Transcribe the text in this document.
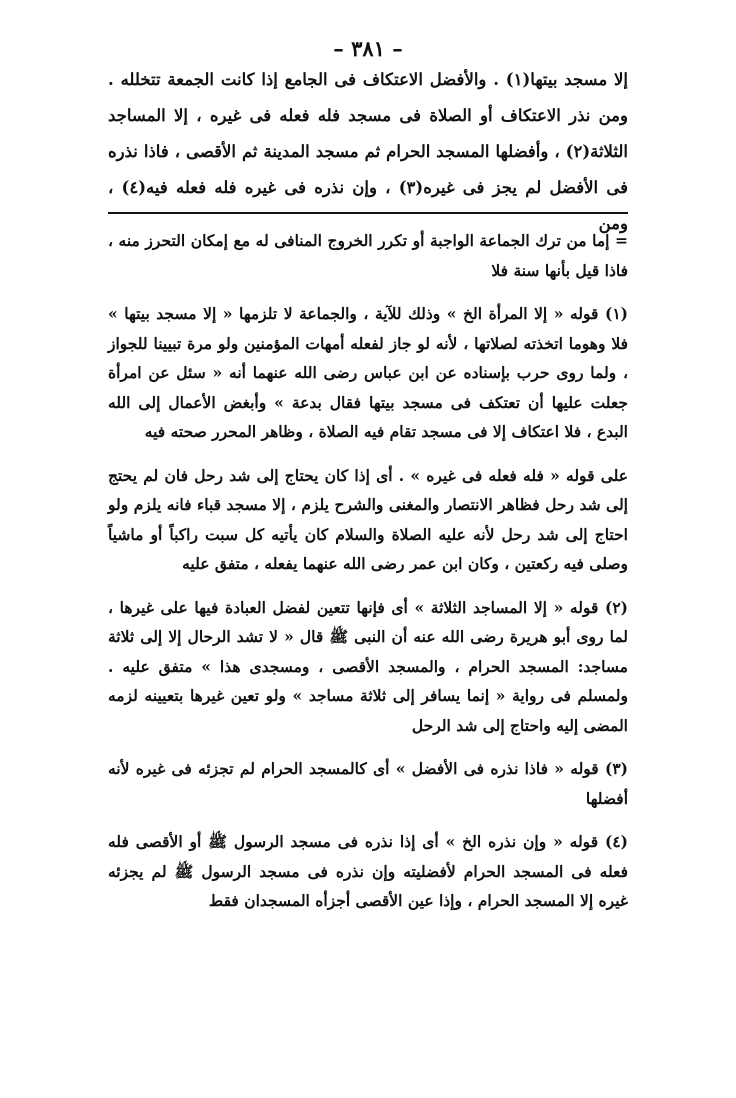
– ٣٨١ –
إلا مسجد بيتها(١) . والأفضل الاعتكاف فى الجامع إذا كانت الجمعة تتخلله . ومن نذر الاعتكاف أو الصلاة فى مسجد فله فعله فى غيره ، إلا المساجد الثلاثة(٢) ، وأفضلها المسجد الحرام ثم مسجد المدينة ثم الأقصى ، فاذا نذره فى الأفضل لم يجز فى غيره(٣) ، وإن نذره فى غيره فله فعله فيه(٤) ، ومن

= إما من ترك الجماعة الواجبة أو تكرر الخروج المنافى له مع إمكان التحرز منه ، فاذا قيل بأنها سنة فلا

(١) قوله « إلا المرأة الخ » وذلك للآية ، والجماعة لا تلزمها « إلا مسجد بيتها » فلا وهوما اتخذته لصلاتها ، لأنه لو جاز لفعله أمهات المؤمنين ولو مرة تبيينا للجواز ، ولما روى حرب بإسناده عن ابن عباس رضى الله عنهما أنه « سئل عن امرأة جعلت عليها أن تعتكف فى مسجد بيتها فقال بدعة » وأبغض الأعمال إلى الله البدع ، فلا اعتكاف إلا فى مسجد تقام فيه الصلاة ، وظاهر المحرر صحته فيه

على قوله « فله فعله فى غيره » . أى إذا كان يحتاج إلى شد رحل فان لم يحتج إلى شد رحل فظاهر الانتصار والمغنى والشرح يلزم ، إلا مسجد قباء فانه يلزم ولو احتاج إلى شد رحل لأنه عليه الصلاة والسلام كان يأتيه كل سبت راكباً أو ماشياً وصلى فيه ركعتين ، وكان ابن عمر رضى الله عنهما يفعله ، متفق عليه

(٢) قوله « إلا المساجد الثلاثة » أى فإنها تتعين لفضل العبادة فيها على غيرها ، لما روى أبو هريرة رضى الله عنه أن النبى ﷺ قال « لا تشد الرحال إلا إلى ثلاثة مساجد: المسجد الحرام ، والمسجد الأقصى ، ومسجدى هذا » متفق عليه . ولمسلم فى رواية « إنما يسافر إلى ثلاثة مساجد » ولو تعين غيرها بتعيينه لزمه المضى إليه واحتاج إلى شد الرحل

(٣) قوله « فاذا نذره فى الأفضل » أى كالمسجد الحرام لم تجزئه فى غيره لأنه أفضلها

(٤) قوله « وإن نذره الخ » أى إذا نذره فى مسجد الرسول ﷺ أو الأقصى فله فعله فى المسجد الحرام لأفضليته وإن نذره فى مسجد الرسول ﷺ لم يجزئه غيره إلا المسجد الحرام ، وإذا عين الأقصى أجزأه المسجدان فقط
